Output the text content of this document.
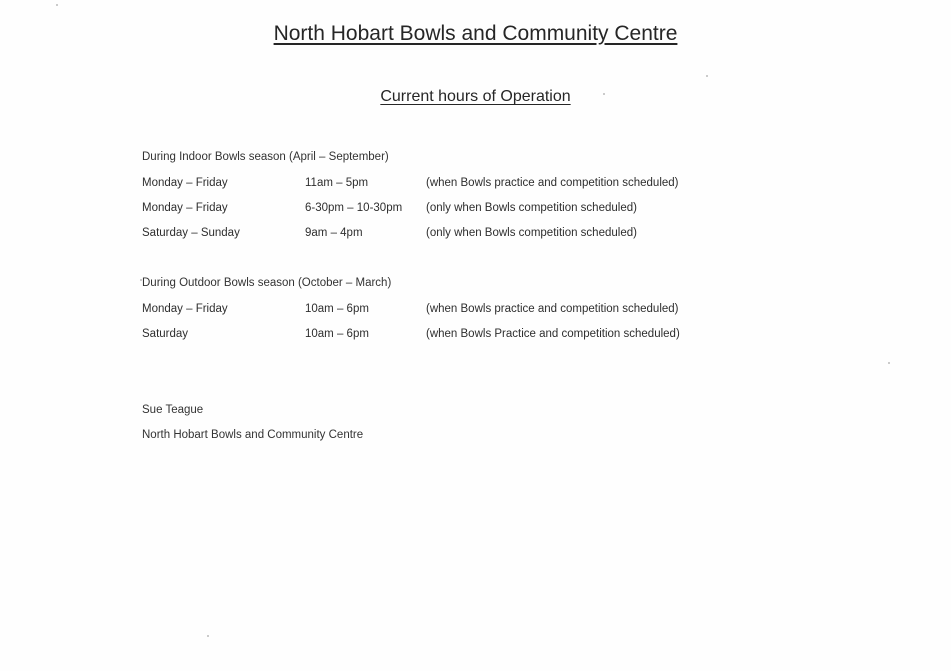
North Hobart Bowls and Community Centre
Current hours of Operation
During Indoor Bowls season (April – September)
Monday – Friday	11am – 5pm	(when Bowls practice and competition scheduled)
Monday – Friday	6-30pm – 10-30pm (only when Bowls competition scheduled)
Saturday – Sunday	9am – 4pm	(only when Bowls competition scheduled)
During Outdoor Bowls season (October – March)
Monday – Friday	10am – 6pm	(when Bowls practice and competition scheduled)
Saturday	10am – 6pm	(when Bowls Practice and competition scheduled)
Sue Teague
North Hobart Bowls and Community Centre
